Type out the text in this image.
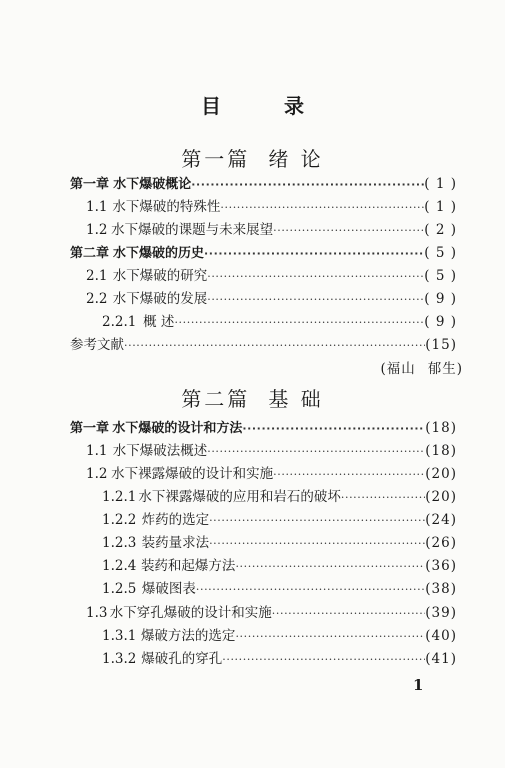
目 录
第一篇 绪 论
第一章 水下爆破概论 ·····	( 1 )
1.1 水下爆破的特殊性 ·····	( 1 )
1.2 水下爆破的课题与未来展望 ·····	( 2 )
第二章 水下爆破的历史 ·····	( 5 )
2.1 水下爆破的研究 ·····	( 5 )
2.2 水下爆破的发展 ·····	( 9 )
2.2.1 概 述 ·····	( 9 )
参考文献 ·····	(15)
(福山 郁生)
第二篇 基 础
第一章 水下爆破的设计和方法 ·····	(18)
1.1 水下爆破法概述 ·····	(18)
1.2 水下裸露爆破的设计和实施 ·····	(20)
1.2.1 水下裸露爆破的应用和岩石的破坏 ·····	(20)
1.2.2 炸药的选定 ·····	(24)
1.2.3 装药量求法 ·····	(26)
1.2.4 装药和起爆方法 ·····	(36)
1.2.5 爆破图表 ·····	(38)
1.3 水下穿孔爆破的设计和实施 ·····	(39)
1.3.1 爆破方法的选定 ·····	(40)
1.3.2 爆破孔的穿孔 ·····	(41)
1
